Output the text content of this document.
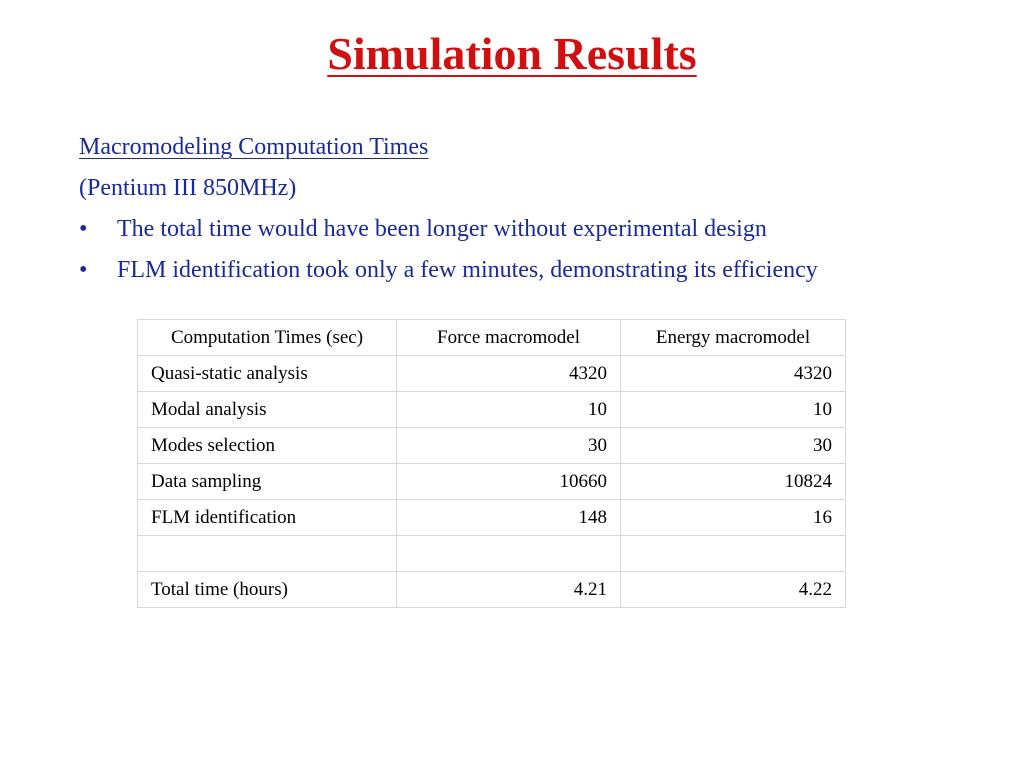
Simulation Results
Macromodeling Computation Times
(Pentium III 850MHz)
•	The total time would have been longer without experimental design
•	FLM identification took only a few minutes, demonstrating its efficiency
Computation Times (sec)	Force macromodel	Energy macromodel
Quasi-static analysis	4320	4320
Modal analysis	10	10
Modes selection	30	30
Data sampling	10660	10824
FLM identification	148	16

Total time (hours)	4.21	4.22
